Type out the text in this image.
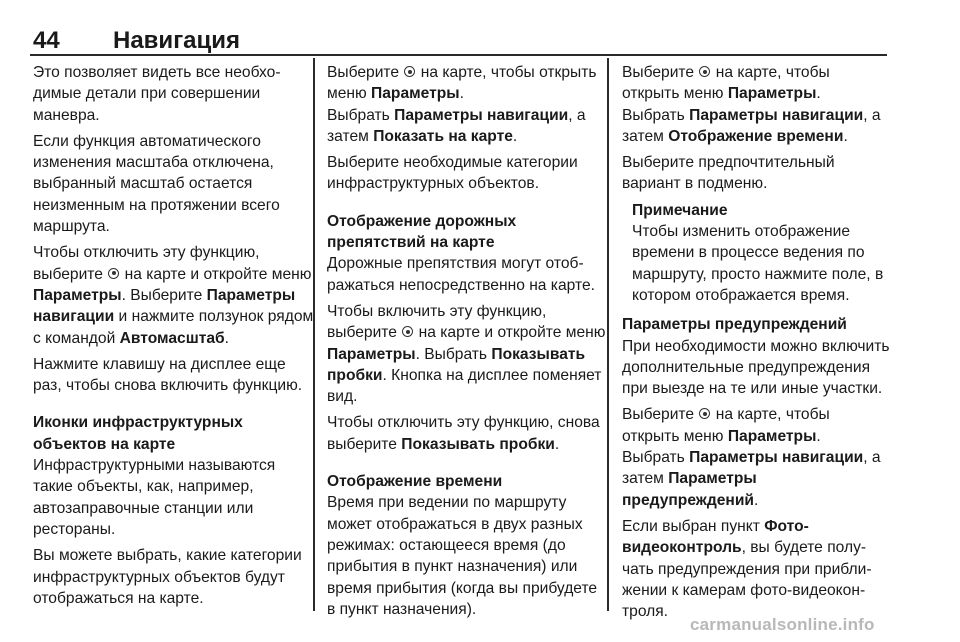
44 Навигация

Это позволяет видеть все необходимые детали при совершении маневра.

Если функция автоматического изменения масштаба отключена, выбранный масштаб остается неизменным на протяжении всего маршрута.

Чтобы отключить эту функцию, выберите на карте и откройте меню Параметры. Выберите Параметры навигации и нажмите ползунок рядом с командой Автомасштаб.

Нажмите клавишу на дисплее еще раз, чтобы снова включить функцию.

Иконки инфраструктурных объектов на карте

Инфраструктурными называются такие объекты, как, например, автозаправочные станции или рестораны.

Вы можете выбрать, какие категории инфраструктурных объектов будут отображаться на карте.

Выберите на карте, чтобы открыть меню Параметры.

Выбрать Параметры навигации, а затем Показать на карте.

Выберите необходимые категории инфраструктурных объектов.

Отображение дорожных препятствий на карте

Дорожные препятствия могут отображаться непосредственно на карте.

Чтобы включить эту функцию, выберите на карте и откройте меню Параметры. Выбрать Показывать пробки. Кнопка на дисплее поменяет вид.

Чтобы отключить эту функцию, снова выберите Показывать пробки.

Отображение времени

Время при ведении по маршруту может отображаться в двух разных режимах: остающееся время (до прибытия в пункт назначения) или время прибытия (когда вы прибудете в пункт назначения).

Выберите на карте, чтобы открыть меню Параметры.

Выбрать Параметры навигации, а затем Отображение времени.

Выберите предпочтительный вариант в подменю.

Примечание
Чтобы изменить отображение времени в процессе ведения по маршруту, просто нажмите поле, в котором отображается время.
Параметры предупреждений

При необходимости можно включить дополнительные предупреждения при выезде на те или иные участки.

Выберите на карте, чтобы открыть меню Параметры.

Выбрать Параметры навигации, а затем Параметры предупреждений.

Если выбран пункт Фото-видеоконтроль, вы будете получать предупреждения при приближении к камерам фото-видеоконтроля.

carmanualsonline.info
